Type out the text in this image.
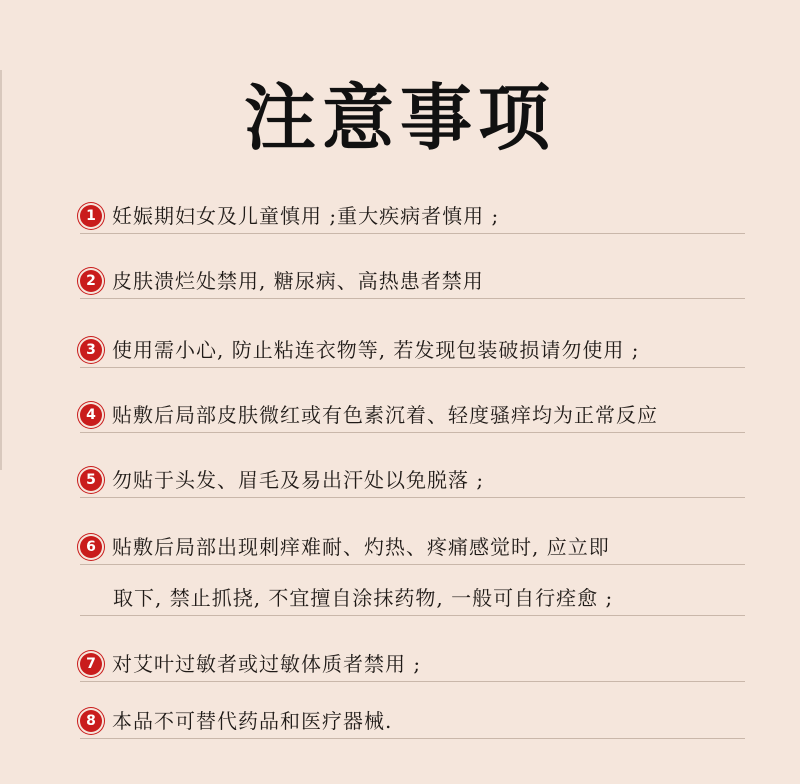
注意事项
1 妊娠期妇女及儿童慎用 ;重大疾病者慎用 ;
2 皮肤溃烂处禁用, 糖尿病、高热患者禁用
3 使用需小心, 防止粘连衣物等, 若发现包装破损请勿使用 ;
4 贴敷后局部皮肤微红或有色素沉着、轻度骚痒均为正常反应
5 勿贴于头发、眉毛及易出汗处以免脱落 ;
6 贴敷后局部出现刺痒难耐、灼热、疼痛感觉时, 应立即
取下, 禁止抓挠, 不宜擅自涂抹药物, 一般可自行痊愈 ;
7 对艾叶过敏者或过敏体质者禁用 ;
8 本品不可替代药品和医疗器械.
